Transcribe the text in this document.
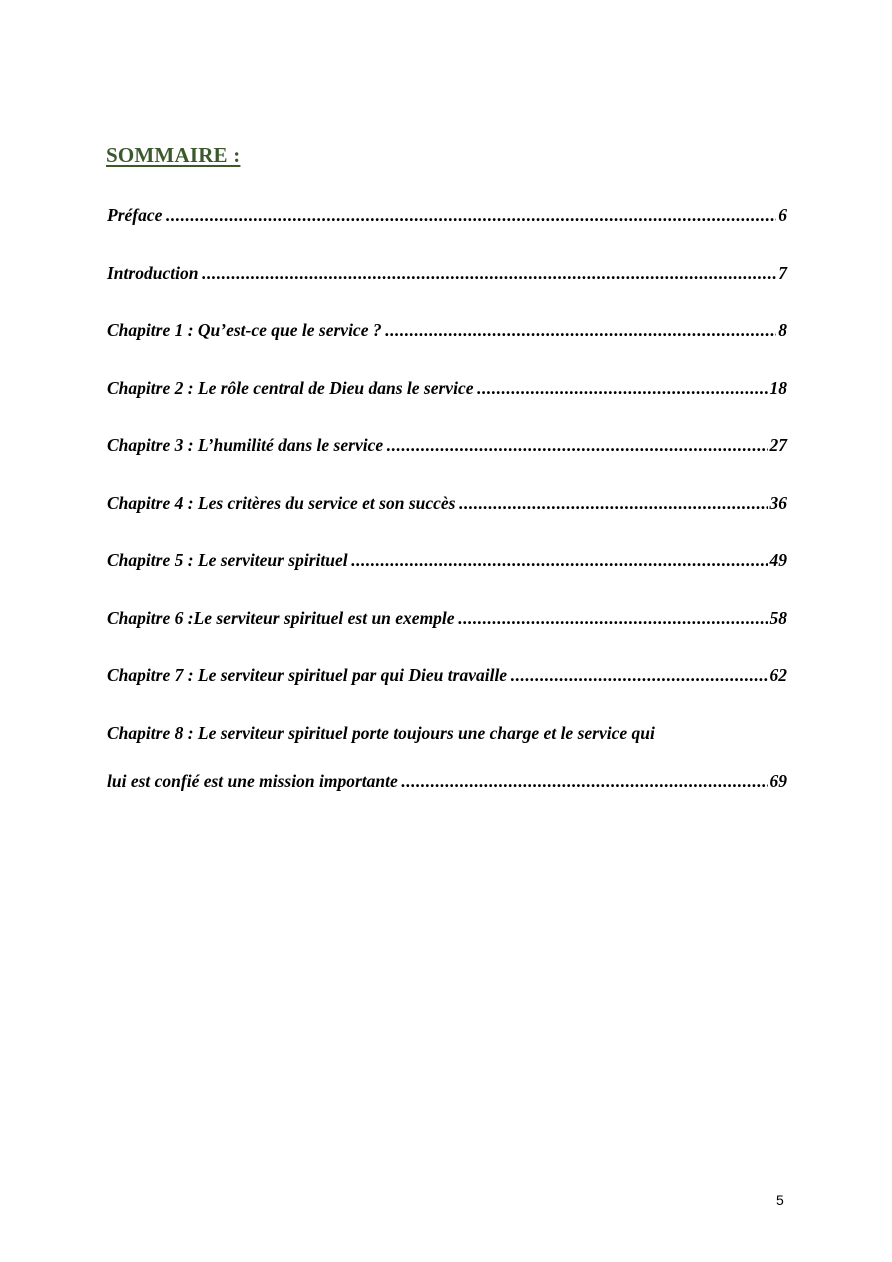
SOMMAIRE :
Préface .....	6
Introduction .....	7
Chapitre 1 : Qu’est-ce que le service ? .....	8
Chapitre 2 : Le rôle central de Dieu dans le service .....	18
Chapitre 3 : L’humilité dans le service .....	27
Chapitre 4 : Les critères du service et son succès .....	36
Chapitre 5 : Le serviteur spirituel .....	49
Chapitre 6 :Le serviteur spirituel est un exemple .....	58
Chapitre 7 : Le serviteur spirituel par qui Dieu travaille .....	62
Chapitre 8 : Le serviteur spirituel porte toujours une charge et le service qui
lui est confié est une mission importante .....	69
5
